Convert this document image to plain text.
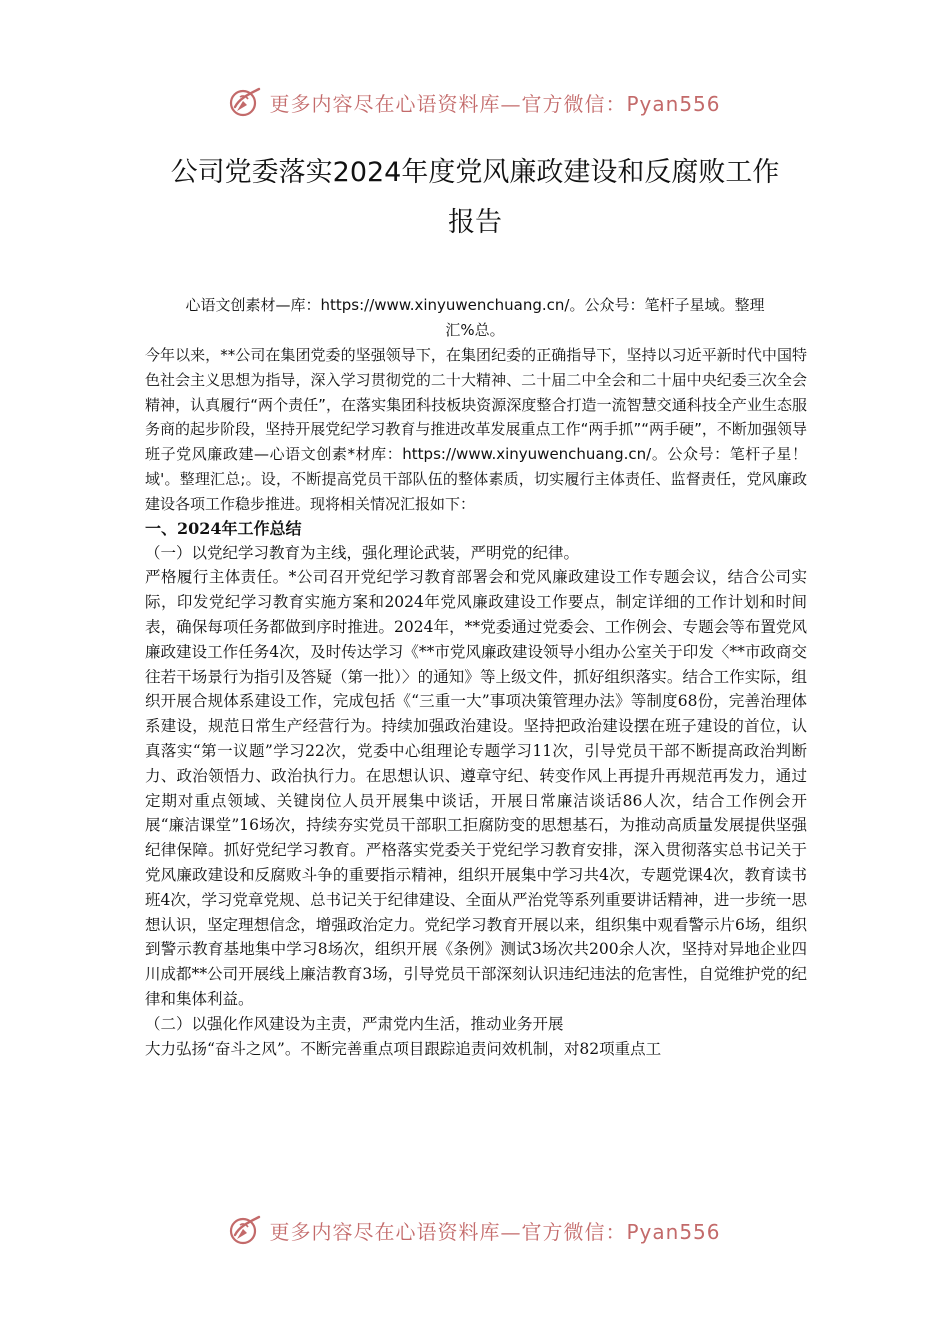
更多内容尽在心语资料库—官方微信：Pyan556
公司党委落实2024年度党风廉政建设和反腐败工作
报告
心语文创素材—库：https://www.xinyuwenchuang.cn/。公众号：笔杆子星域。整理
汇%总。

今年以来，**公司在集团党委的坚强领导下，在集团纪委的正确指导下，坚持以习近平新时代中国特色社会主义思想为指导，深入学习贯彻党的二十大精神、二十届二中全会和二十届中央纪委三次全会精神，认真履行“两个责任”，在落实集团科技板块资源深度整合打造一流智慧交通科技全产业生态服务商的起步阶段，坚持开展党纪学习教育与推进改革发展重点工作“两手抓”“两手硬”，不断加强领导班子党风廉政建—心语文创素*材库：https://www.xinyuwenchuang.cn/。公众号：笔杆子星！域'。整理汇总;。设，不断提高党员干部队伍的整体素质，切实履行主体责任、监督责任，党风廉政建设各项工作稳步推进。现将相关情况汇报如下：

一、2024年工作总结

（一）以党纪学习教育为主线，强化理论武装，严明党的纪律。

严格履行主体责任。*公司召开党纪学习教育部署会和党风廉政建设工作专题会议，结合公司实际，印发党纪学习教育实施方案和2024年党风廉政建设工作要点，制定详细的工作计划和时间表，确保每项任务都做到序时推进。2024年，**党委通过党委会、工作例会、专题会等布置党风廉政建设工作任务4次，及时传达学习《**市党风廉政建设领导小组办公室关于印发〈**市政商交往若干场景行为指引及答疑（第一批）〉的通知》等上级文件，抓好组织落实。结合工作实际，组织开展合规体系建设工作，完成包括《“三重一大”事项决策管理办法》等制度68份，完善治理体系建设，规范日常生产经营行为。持续加强政治建设。坚持把政治建设摆在班子建设的首位，认真落实“第一议题”学习22次，党委中心组理论专题学习11次，引导党员干部不断提高政治判断力、政治领悟力、政治执行力。在思想认识、遵章守纪、转变作风上再提升再规范再发力，通过定期对重点领域、关键岗位人员开展集中谈话，开展日常廉洁谈话86人次，结合工作例会开展“廉洁课堂”16场次，持续夯实党员干部职工拒腐防变的思想基石，为推动高质量发展提供坚强纪律保障。抓好党纪学习教育。严格落实党委关于党纪学习教育安排，深入贯彻落实总书记关于党风廉政建设和反腐败斗争的重要指示精神，组织开展集中学习共4次，专题党课4次，教育读书班4次，学习党章党规、总书记关于纪律建设、全面从严治党等系列重要讲话精神，进一步统一思想认识，坚定理想信念，增强政治定力。党纪学习教育开展以来，组织集中观看警示片6场，组织到警示教育基地集中学习8场次，组织开展《条例》测试3场次共200余人次，坚持对异地企业四川成都**公司开展线上廉洁教育3场，引导党员干部深刻认识违纪违法的危害性，自觉维护党的纪律和集体利益。

（二）以强化作风建设为主责，严肃党内生活，推动业务开展

大力弘扬“奋斗之风”。不断完善重点项目跟踪追责问效机制，对82项重点工

更多内容尽在心语资料库—官方微信：Pyan556
